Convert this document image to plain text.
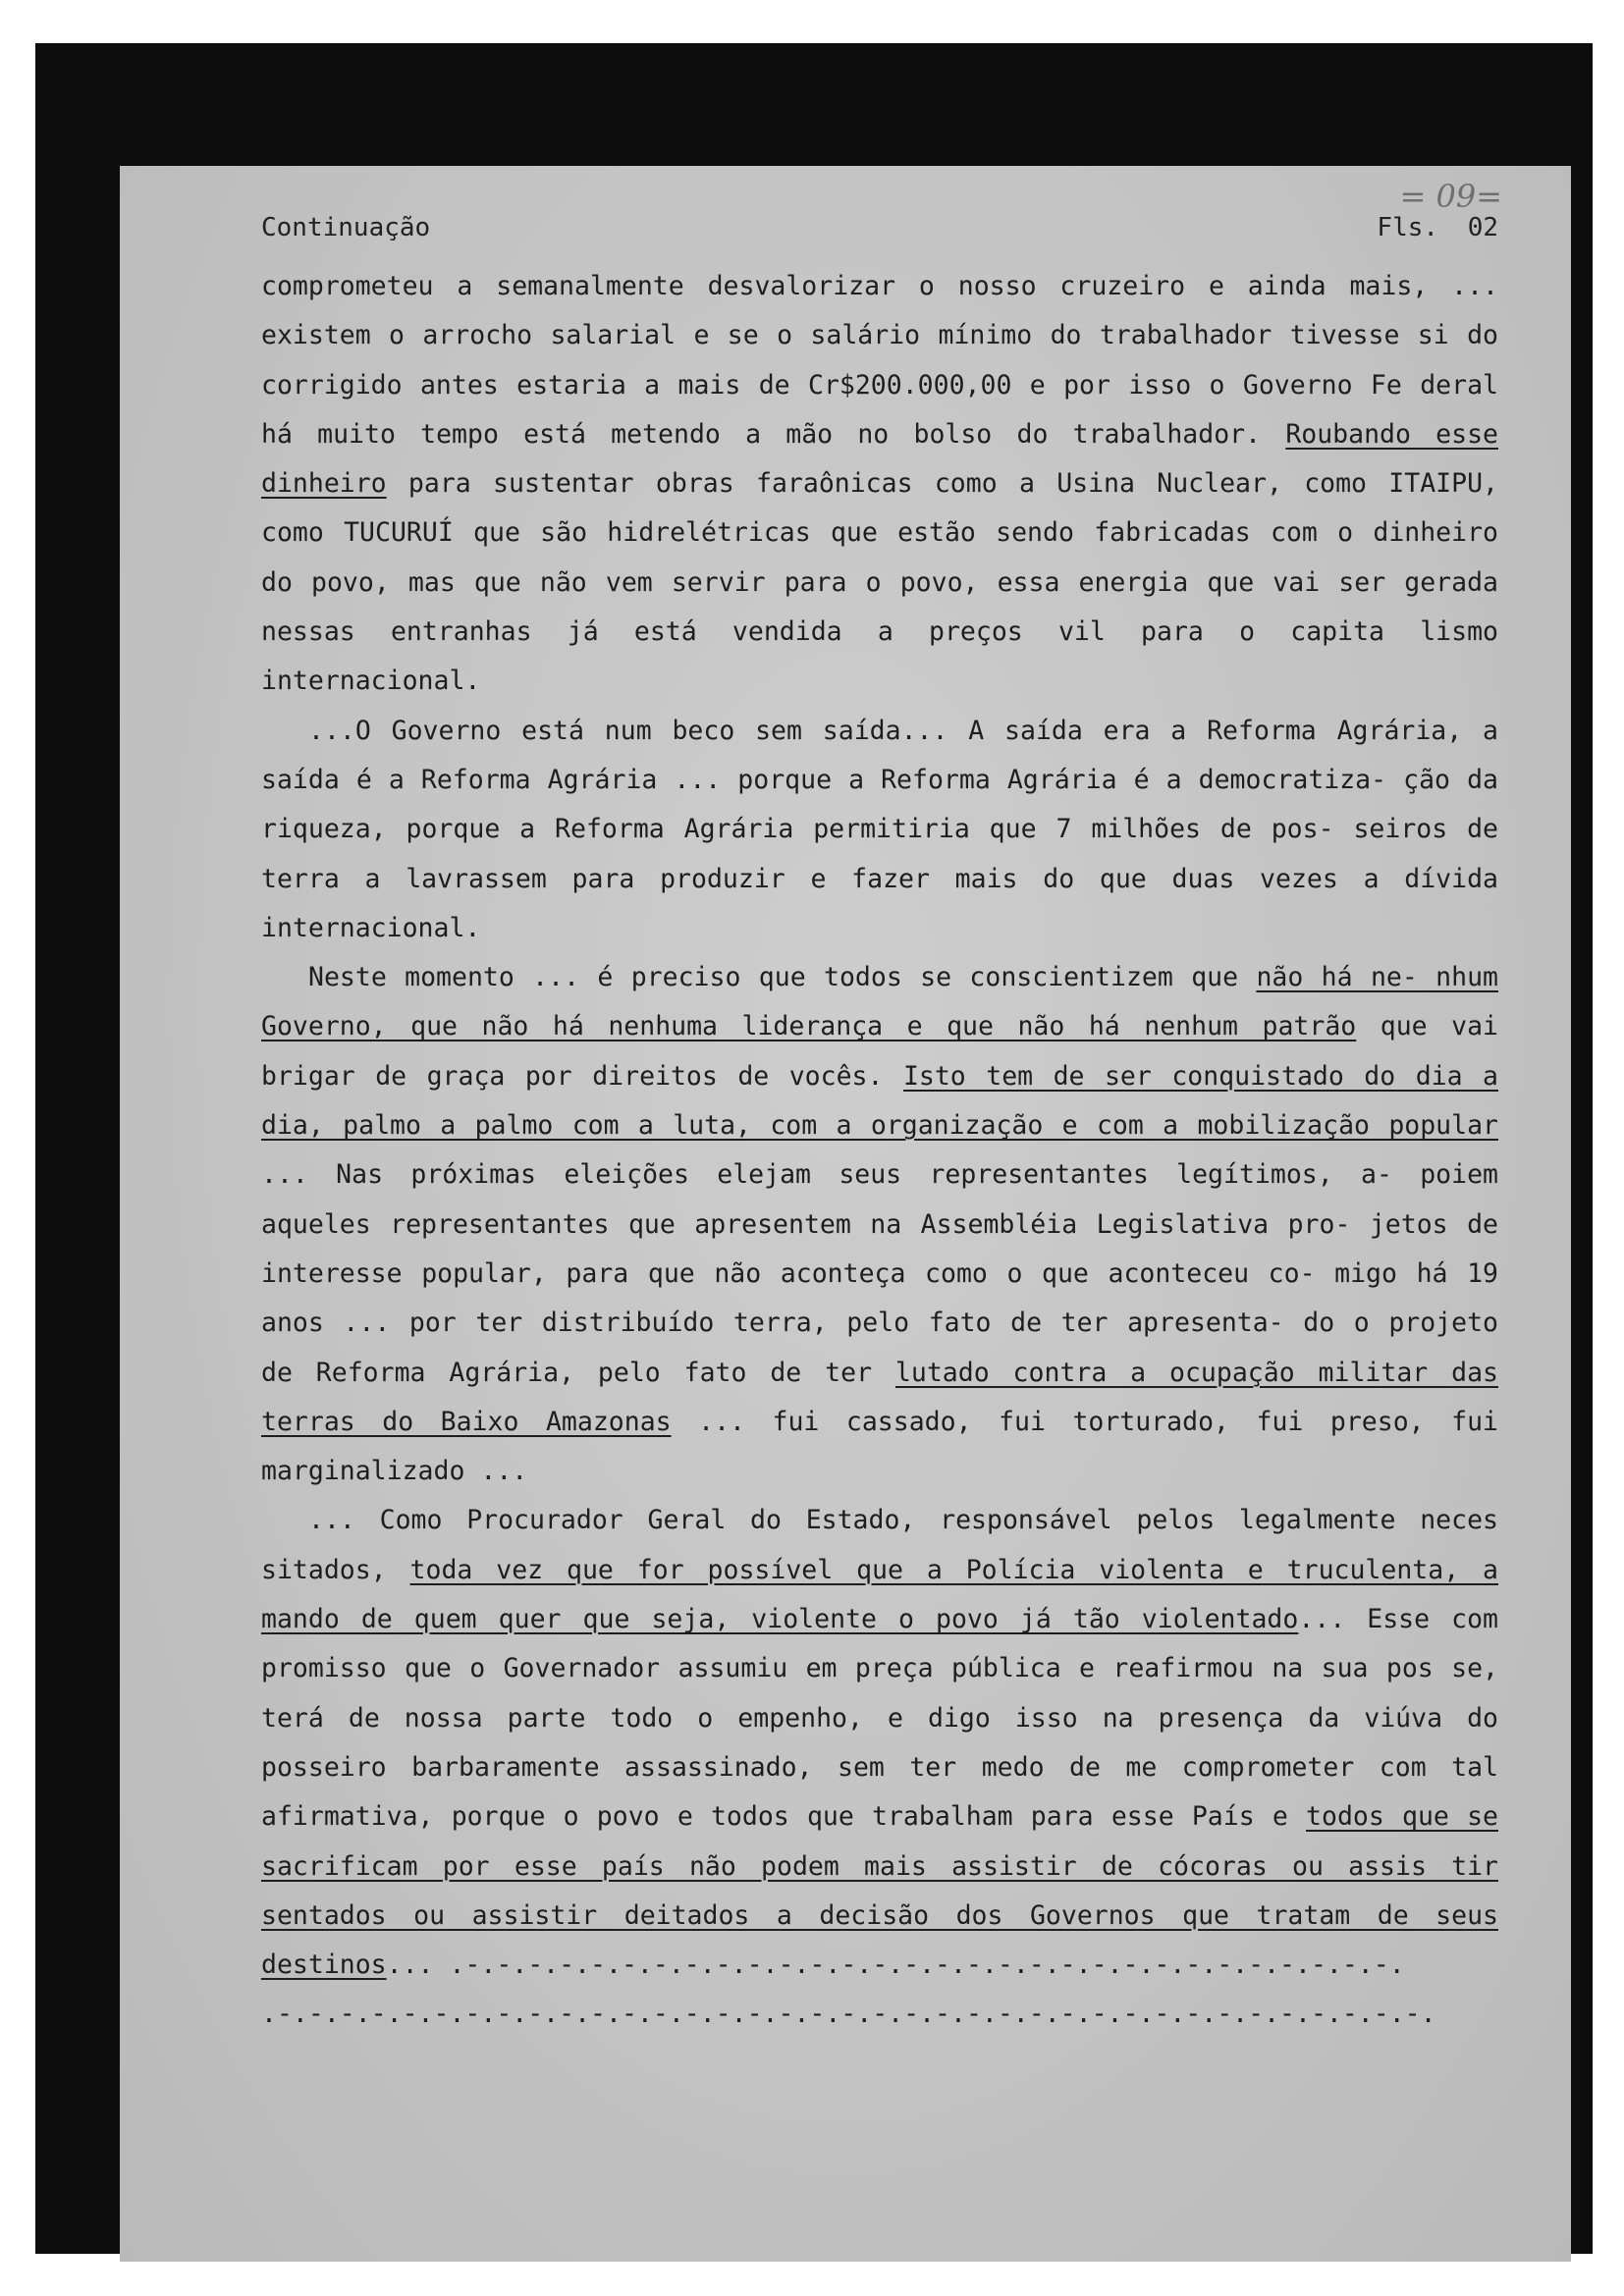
= 09=
Continuação	Fls. 02

comprometeu a semanalmente desvalorizar o nosso cruzeiro e ainda mais, ... existem o arrocho salarial e se o salário mínimo do trabalhador tivesse si do corrigido antes estaria a mais de Cr$200.000,00 e por isso o Governo Fe deral há muito tempo está metendo a mão no bolso do trabalhador. Roubando esse dinheiro para sustentar obras faraônicas como a Usina Nuclear, como ITAIPU, como TUCURUÍ que são hidrelétricas que estão sendo fabricadas com o dinheiro do povo, mas que não vem servir para o povo, essa energia que vai ser gerada nessas entranhas já está vendida a preços vil para o capita lismo internacional.

...O Governo está num beco sem saída... A saída era a Reforma Agrária, a saída é a Reforma Agrária ... porque a Reforma Agrária é a democratiza- ção da riqueza, porque a Reforma Agrária permitiria que 7 milhões de pos- seiros de terra a lavrassem para produzir e fazer mais do que duas vezes a dívida internacional.

Neste momento ... é preciso que todos se conscientizem que não há ne- nhum Governo, que não há nenhuma liderança e que não há nenhum patrão que vai brigar de graça por direitos de vocês. Isto tem de ser conquistado do dia a dia, palmo a palmo com a luta, com a organização e com a mobilização popular ... Nas próximas eleições elejam seus representantes legítimos, a- poiem aqueles representantes que apresentem na Assembléia Legislativa pro- jetos de interesse popular, para que não aconteça como o que aconteceu co- migo há 19 anos ... por ter distribuído terra, pelo fato de ter apresenta- do o projeto de Reforma Agrária, pelo fato de ter lutado contra a ocupação militar das terras do Baixo Amazonas ... fui cassado, fui torturado, fui preso, fui marginalizado ...

... Como Procurador Geral do Estado, responsável pelos legalmente neces sitados, toda vez que for possível que a Polícia violenta e truculenta, a mando de quem quer que seja, violente o povo já tão violentado... Esse com promisso que o Governador assumiu em preça pública e reafirmou na sua pos se, terá de nossa parte todo o empenho, e digo isso na presença da viúva do posseiro barbaramente assassinado, sem ter medo de me comprometer com tal afirmativa, porque o povo e todos que trabalham para esse País e todos que se sacrificam por esse país não podem mais assistir de cócoras ou assis tir sentados ou assistir deitados a decisão dos Governos que tratam de seus destinos... .-.-.-.-.-.-.-.-.-.-.-.-.-.-.-.-.-.-.-.-.-.-.-.-.-.-.-.-.-.-.

.-.-.-.-.-.-.-.-.-.-.-.-.-.-.-.-.-.-.-.-.-.-.-.-.-.-.-.-.-.-.-.-.-.-.-.-.-.
